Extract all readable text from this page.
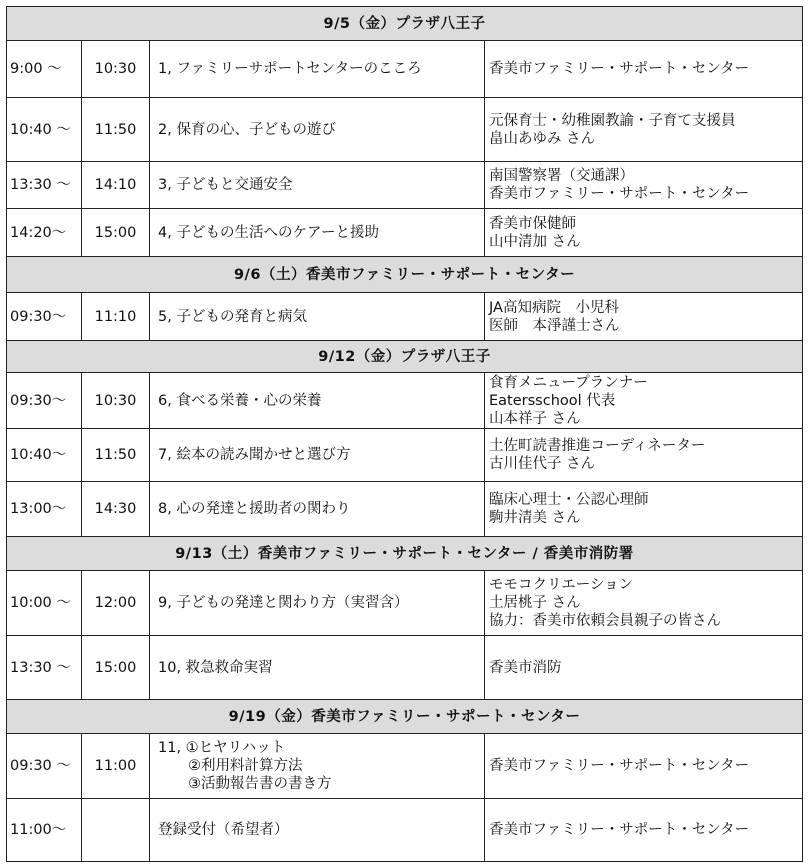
9/5（金）プラザ八王子			
9:00 ～	10:30	1, ファミリーサポートセンターのこころ	香美市ファミリー・サポート・センター

10:40 ～	11:50	2, 保育の心、子どもの遊び	元保育士・幼稚園教諭・子育て支援員
畠山あゆみ さん

13:30 ～	14:10	3, 子どもと交通安全	南国警察署（交通課）
香美市ファミリー・サポート・センター

14:20～	15:00	4, 子どもの生活へのケアーと援助	香美市保健師
山中清加 さん

9/6（土）香美市ファミリー・サポート・センター			
09:30～	11:10	5, 子どもの発育と病気	JA高知病院　小児科
医師　本淨謹士さん

9/12（金）プラザ八王子			
09:30～	10:30	6, 食べる栄養・心の栄養	食育メニュープランナー
Eatersschool 代表
山本祥子 さん

10:40～	11:50	7, 絵本の読み聞かせと選び方	土佐町読書推進コーディネーター
古川佳代子 さん

13:00～	14:30	8, 心の発達と援助者の関わり	臨床心理士・公認心理師
駒井清美 さん

9/13（土）香美市ファミリー・サポート・センター / 香美市消防署			
10:00 ～	12:00	9, 子どもの発達と関わり方（実習含）	モモコクリエーション
土居桃子 さん
協力：香美市依頼会員親子の皆さん

13:30 ～	15:00	10, 救急救命実習	香美市消防

9/19（金）香美市ファミリー・サポート・センター			
09:30 ～	11:00	11, ①ヒヤリハット
②利用料計算方法
③活動報告書の書き方	香美市ファミリー・サポート・センター

11:00～		登録受付（希望者）	香美市ファミリー・サポート・センター
